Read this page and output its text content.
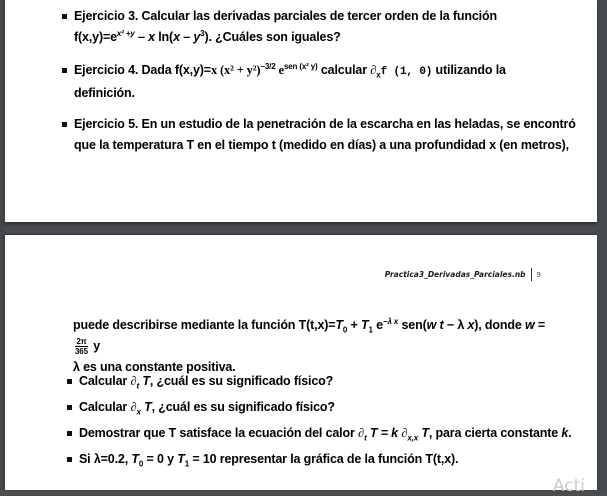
Ejercicio 3. Calcular las derivadas parciales de tercer orden de la función
$f(x,y)=e^{x^2 +y} - x$ $\ln(x - y^3)$. ¿Cuáles son iguales?
Ejercicio 4. Dada f(x,y)=x $(x^2 + y^2)^{-3/2}$ $e^{sen (x^2 y)}$ calcular $\partial_xf$ (1, 0) utilizando la
definición.
Ejercicio 5. En un estudio de la penetración de la escarcha en las heladas, se encontró
que la temperatura T en el tiempo t (medido en días) a una profundidad x (en metros),
Practica3_Derivadas_Parciales.nb 9
puede describirse mediante la función $T(t,x)=T_0 + T_1$ $e^{-\lambda x}$ sen(w t − λ x), donde w =
$\frac{2\pi}{365}$ y
λ es una constante positiva.
Calcular $\partial_t$ T, ¿cuál es su significado físico?
Calcular $\partial_x$ T, ¿cuál es su significado físico?
Demostrar que T satisface la ecuación del calor $\partial_t$ T = k $\partial_{x,x}$ T, para cierta constante k.
Si λ=0.2, $T_0 = 0$ y $T_1 = 10$ representar la gráfica de la función T(t,x).
Acti
